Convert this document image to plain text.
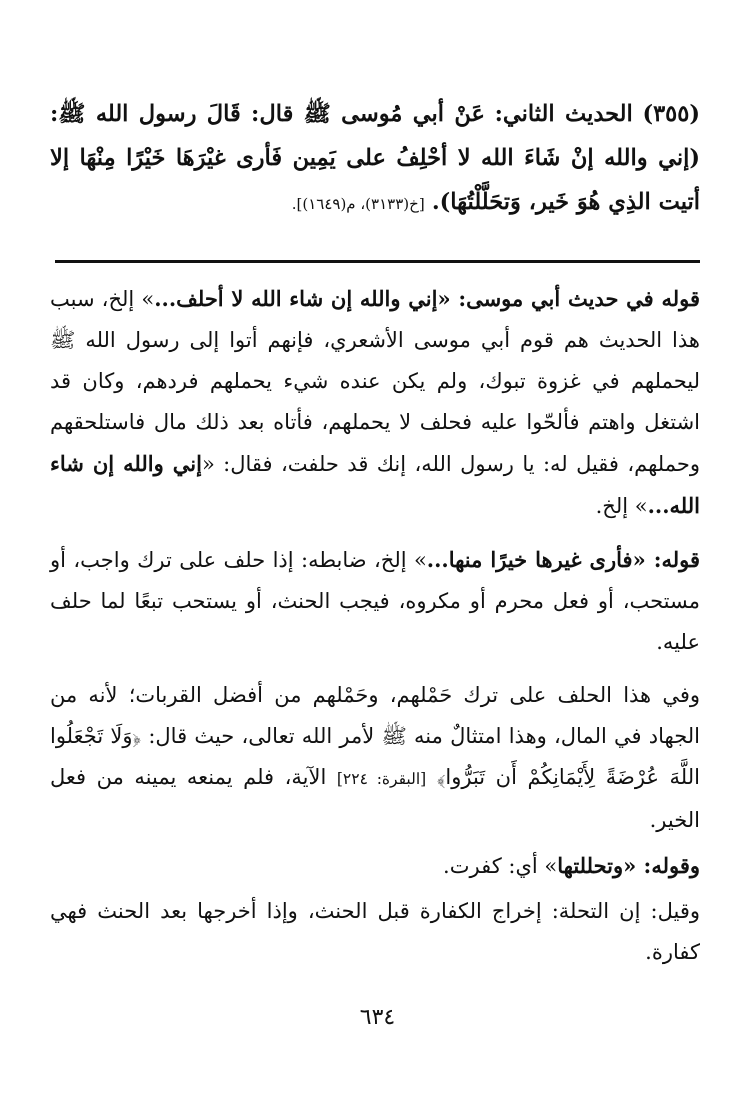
(٣٥٥) الحديث الثاني: عَنْ أبي مُوسى ﷺ قال: قَالَ رسول الله ﷺ: (إني والله إنْ شَاءَ الله لا أحْلِفُ على يَمِين فَأرى غيْرَهَا خَيْرًا مِنْهَا إلا أتيت الذِي هُوَ خَير، وَتحَلَّلْتُهَا). [خ(٣١٣٣)، م(١٦٤٩)].

قوله في حديث أبي موسى: «إني والله إن شاء الله لا أحلف...» إلخ، سبب هذا الحديث هم قوم أبي موسى الأشعري، فإنهم أتوا إلى رسول الله ﷺ ليحملهم في غزوة تبوك، ولم يكن عنده شيء يحملهم فردهم، وكان قد اشتغل واهتم فألحّوا عليه فحلف لا يحملهم، فأتاه بعد ذلك مال فاستلحقهم وحملهم، فقيل له: يا رسول الله، إنك قد حلفت، فقال: «إني والله إن شاء الله...» إلخ.

قوله: «فأرى غيرها خيرًا منها...» إلخ، ضابطه: إذا حلف على ترك واجب، أو مستحب، أو فعل محرم أو مكروه، فيجب الحنث، أو يستحب تبعًا لما حلف عليه.

وفي هذا الحلف على ترك حَمْلهم، وحَمْلهم من أفضل القربات؛ لأنه من الجهاد في المال، وهذا امتثالٌ منه ﷺ لأمر الله تعالى، حيث قال: ﴿وَلَا تَجْعَلُوا اللَّهَ عُرْضَةً لِأَيْمَانِكُمْ أَن تَبَرُّوا﴾ [البقرة: ٢٢٤] الآية، فلم يمنعه يمينه من فعل الخير.

وقوله: «وتحللتها» أي: كفرت.

وقيل: إن التحلة: إخراج الكفارة قبل الحنث، وإذا أخرجها بعد الحنث فهي كفارة.

٦٣٤
